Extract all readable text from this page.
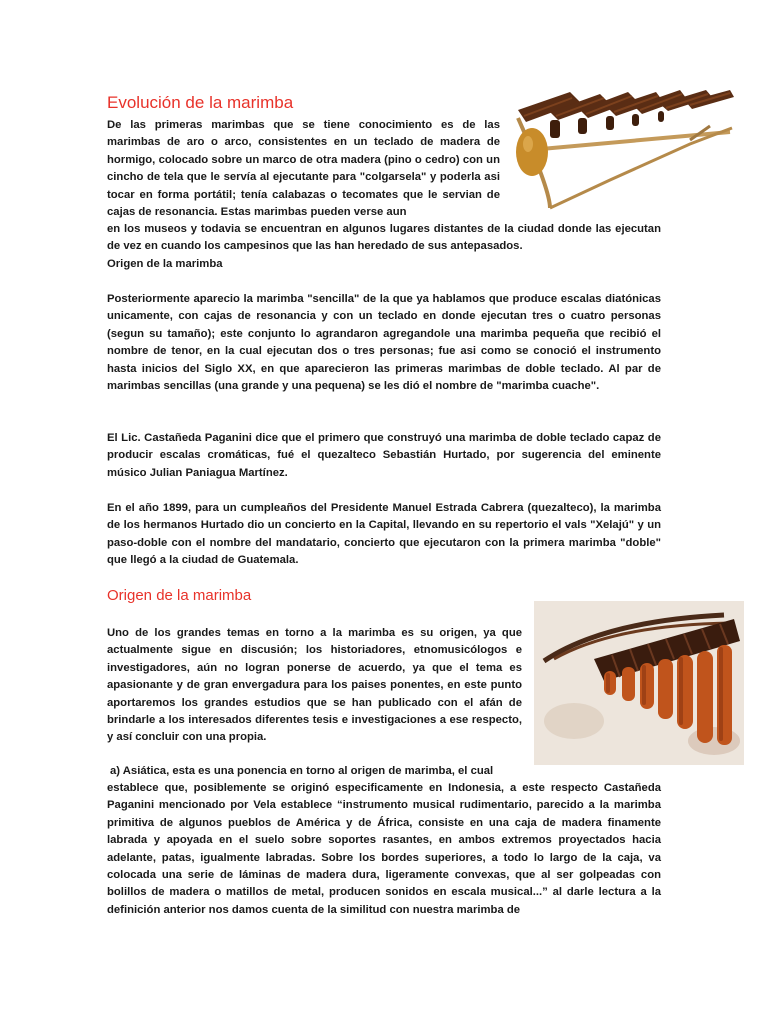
Evolución de la marimba
De las primeras marimbas que se tiene conocimiento es de las marimbas de aro o arco, consistentes en un teclado de madera de hormigo, colocado sobre un marco de otra madera (pino o cedro) con un cincho de tela que le servía al ejecutante para "colgarsela" y poderla asi tocar en forma portátil; tenía calabazas o tecomates que le servian de cajas de resonancia. Estas marimbas pueden verse aun
en los museos y todavia se encuentran en algunos lugares distantes de la ciudad donde las ejecutan de vez en cuando los campesinos que las han heredado de sus antepasados.
Origen de la marimba
Posteriormente aparecio la marimba "sencilla" de la que ya hablamos que produce escalas diatónicas unicamente, con cajas de resonancia y con un teclado en donde ejecutan tres o cuatro personas (segun su tamaño); este conjunto lo agrandaron agregandole una marimba pequeña que recibió el nombre de tenor, en la cual ejecutan dos o tres personas; fue asi como se conoció el instrumento hasta inicios del Siglo XX, en que aparecieron las primeras marimbas de doble teclado. Al par de marimbas sencillas (una grande y una pequena) se les dió el nombre de "marimba cuache".
El Lic. Castañeda Paganini dice que el primero que construyó una marimba de doble teclado capaz de producir escalas cromáticas, fué el quezalteco Sebastián Hurtado, por sugerencia del eminente músico Julian Paniagua Martínez.
En el año 1899, para un cumpleaños del Presidente Manuel Estrada Cabrera (quezalteco), la marimba de los hermanos Hurtado dio un concierto en la Capital, llevando en su repertorio el vals "Xelajú" y un paso-doble con el nombre del mandatario, concierto que ejecutaron con la primera marimba "doble" que llegó a la ciudad de Guatemala.
Origen de la marimba
Uno de los grandes temas en torno a la marimba es su origen, ya que actualmente sigue en discusión; los historiadores, etnomusicólogos e investigadores, aún no logran ponerse de acuerdo, ya que el tema es apasionante y de gran envergadura para los paises ponentes, en este punto aportaremos los grandes estudios que se han publicado con el afán de brindarle a los interesados diferentes tesis e investigaciones a ese respecto, y así concluir con una propia.
a) Asiática, esta es una ponencia en torno al origen de marimba, el cual
establece que, posiblemente se originó especificamente en Indonesia, a este respecto Castañeda Paganini mencionado por Vela establece “instrumento musical rudimentario, parecido a la marimba primitiva de algunos pueblos de América y de África, consiste en una caja de madera finamente labrada y apoyada en el suelo sobre soportes rasantes, en ambos extremos proyectados hacia adelante, patas, igualmente labradas. Sobre los bordes superiores, a todo lo largo de la caja, va colocada una serie de láminas de madera dura, ligeramente convexas, que al ser golpeadas con bolillos de madera o matillos de metal, producen sonidos en escala musical...” al darle lectura a la definición anterior nos damos cuenta de la similitud con nuestra marimba de
